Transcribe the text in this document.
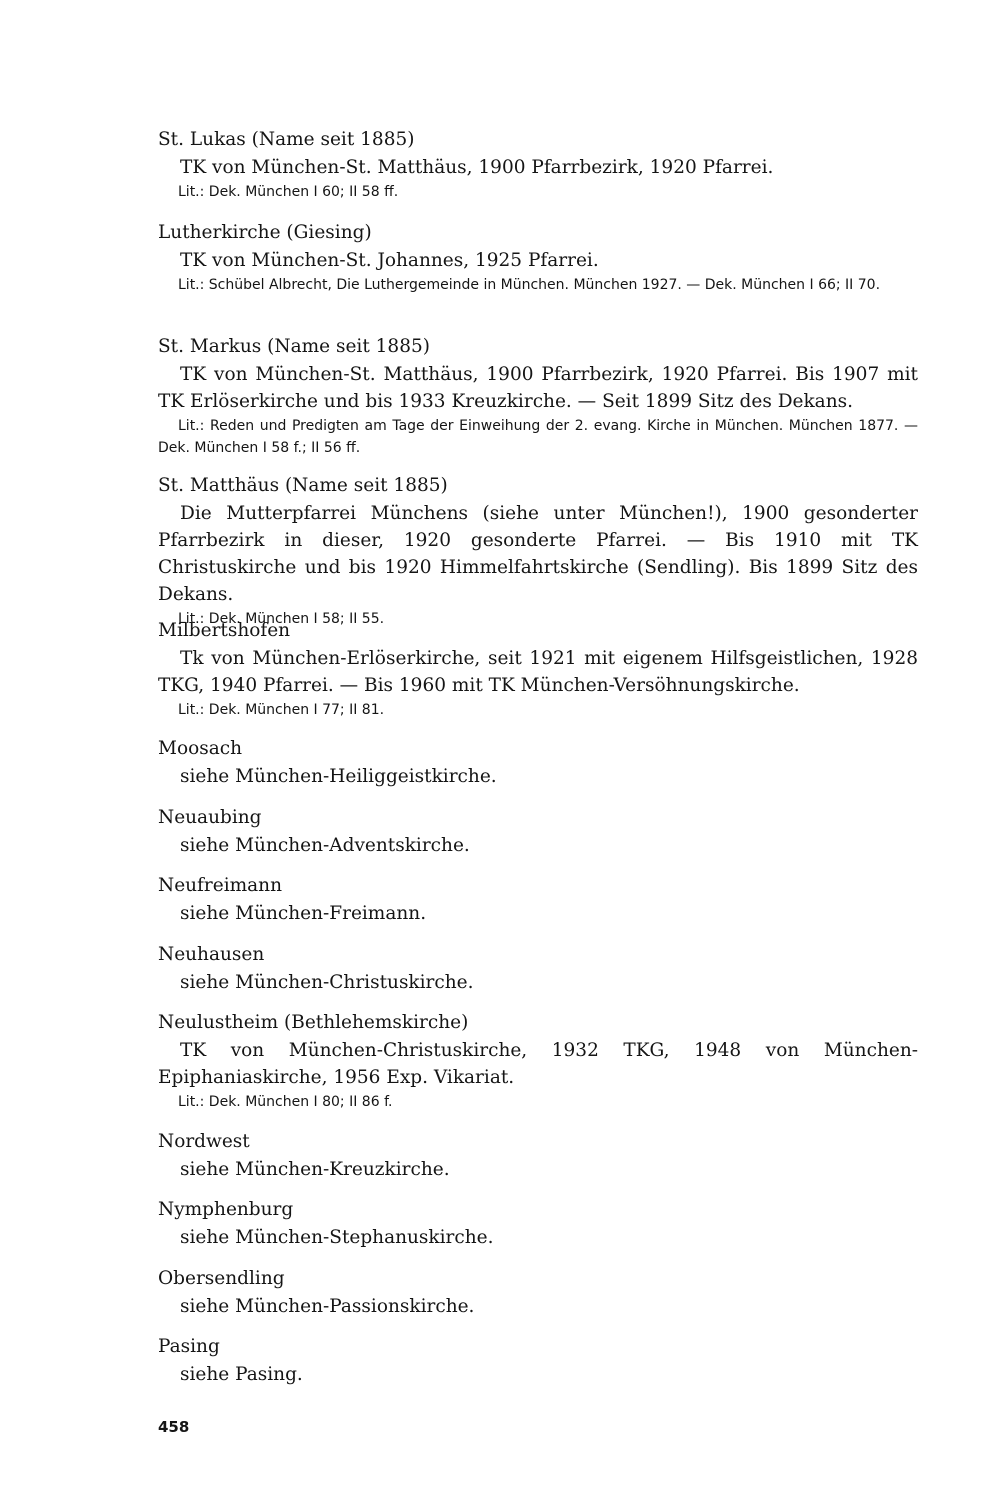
St. Lukas (Name seit 1885)
TK von München-St. Matthäus, 1900 Pfarrbezirk, 1920 Pfarrei.
Lit.: Dek. München I 60; II 58 ff.
Lutherkirche (Giesing)
TK von München-St. Johannes, 1925 Pfarrei.
Lit.: Schübel Albrecht, Die Luthergemeinde in München. München 1927. — Dek. München I 66; II 70.
St. Markus (Name seit 1885)
TK von München-St. Matthäus, 1900 Pfarrbezirk, 1920 Pfarrei. Bis 1907 mit TK Erlöserkirche und bis 1933 Kreuzkirche. — Seit 1899 Sitz des Dekans.
Lit.: Reden und Predigten am Tage der Einweihung der 2. evang. Kirche in München. München 1877. — Dek. München I 58 f.; II 56 ff.
St. Matthäus (Name seit 1885)
Die Mutterpfarrei Münchens (siehe unter München!), 1900 gesonderter Pfarrbezirk in dieser, 1920 gesonderte Pfarrei. — Bis 1910 mit TK Christuskirche und bis 1920 Himmelfahrtskirche (Sendling). Bis 1899 Sitz des Dekans.
Lit.: Dek. München I 58; II 55.
Milbertshofen
Tk von München-Erlöserkirche, seit 1921 mit eigenem Hilfsgeistlichen, 1928 TKG, 1940 Pfarrei. — Bis 1960 mit TK München-Versöhnungskirche.
Lit.: Dek. München I 77; II 81.
Moosach
siehe München-Heiliggeistkirche.
Neuaubing
siehe München-Adventskirche.
Neufreimann
siehe München-Freimann.
Neuhausen
siehe München-Christuskirche.
Neulustheim (Bethlehemskirche)
TK von München-Christuskirche, 1932 TKG, 1948 von München-Epiphaniaskirche, 1956 Exp. Vikariat.
Lit.: Dek. München I 80; II 86 f.
Nordwest
siehe München-Kreuzkirche.
Nymphenburg
siehe München-Stephanuskirche.
Obersendling
siehe München-Passionskirche.
Pasing
siehe Pasing.
458
